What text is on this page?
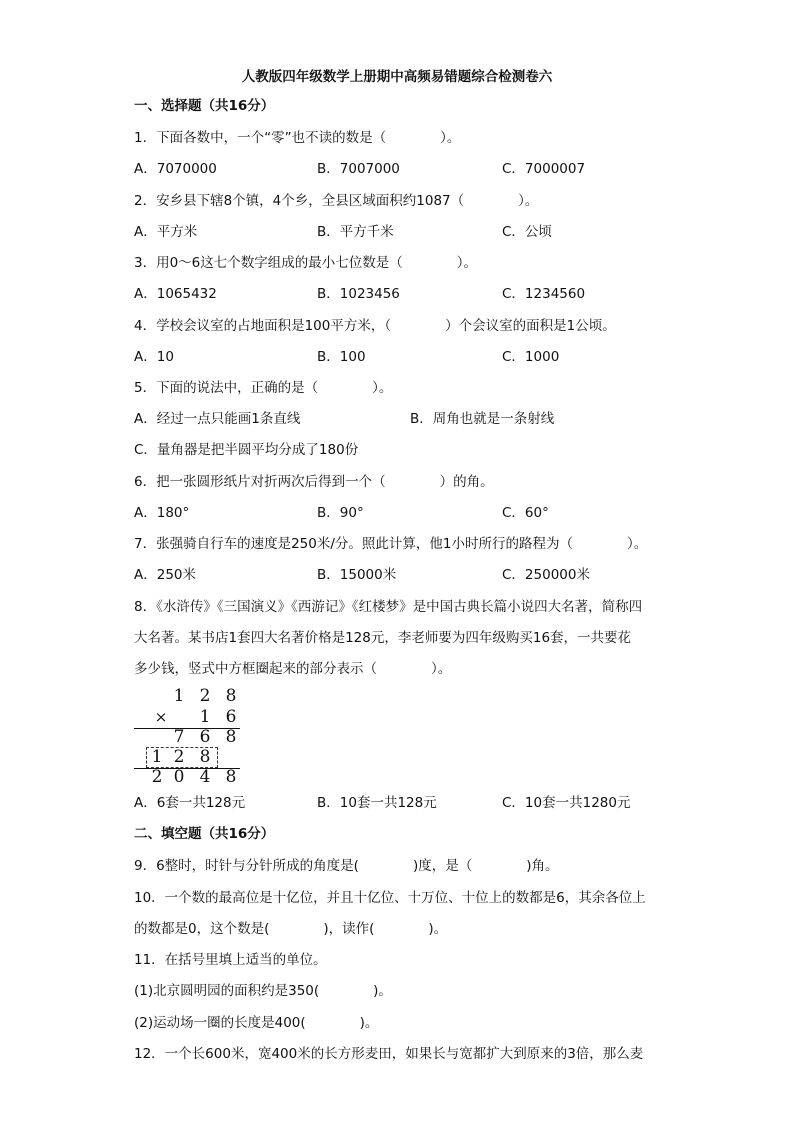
人教版四年级数学上册期中高频易错题综合检测卷六
一、选择题（共16分）
1．下面各数中，一个“零”也不读的数是（　　　　）。
A．7070000	B．7007000	C．7000007
2．安乡县下辖8个镇，4个乡，全县区域面积约1087（　　　　）。
A．平方米	B．平方千米	C．公顷
3．用0～6这七个数字组成的最小七位数是（　　　　）。
A．1065432	B．1023456	C．1234560
4．学校会议室的占地面积是100平方米，（　　　　）个会议室的面积是1公顷。
A．10	B．100	C．1000
5．下面的说法中，正确的是（　　　　）。
A．经过一点只能画1条直线	B．周角也就是一条射线
C．量角器是把半圆平均分成了180份
6．把一张圆形纸片对折两次后得到一个（　　　　）的角。
A．180°	B．90°	C．60°
7．张强骑自行车的速度是250米/分。照此计算，他1小时所行的路程为（　　　　）。
A．250米	B．15000米	C．250000米
8．《水浒传》《三国演义》《西游记》《红楼梦》是中国古典长篇小说四大名著，简称四
大名著。某书店1套四大名著价格是128元，李老师要为四年级购买16套，一共要花
多少钱，竖式中方框圈起来的部分表示（　　　　）。
1 2 8
× 1 6
7 6 8
1 2 8
2 0 4 8
A．6套一共128元	B．10套一共128元	C．10套一共1280元
二、填空题（共16分）
9．6整时，时针与分针所成的角度是(　　　　)度，是（　　　　)角。
10．一个数的最高位是十亿位，并且十亿位、十万位、十位上的数都是6，其余各位上
的数都是0，这个数是(　　　　)，读作(　　　　)。
11．在括号里填上适当的单位。
(1)北京圆明园的面积约是350(　　　　)。
(2)运动场一圈的长度是400(　　　　)。
12．一个长600米，宽400米的长方形麦田，如果长与宽都扩大到原来的3倍，那么麦
